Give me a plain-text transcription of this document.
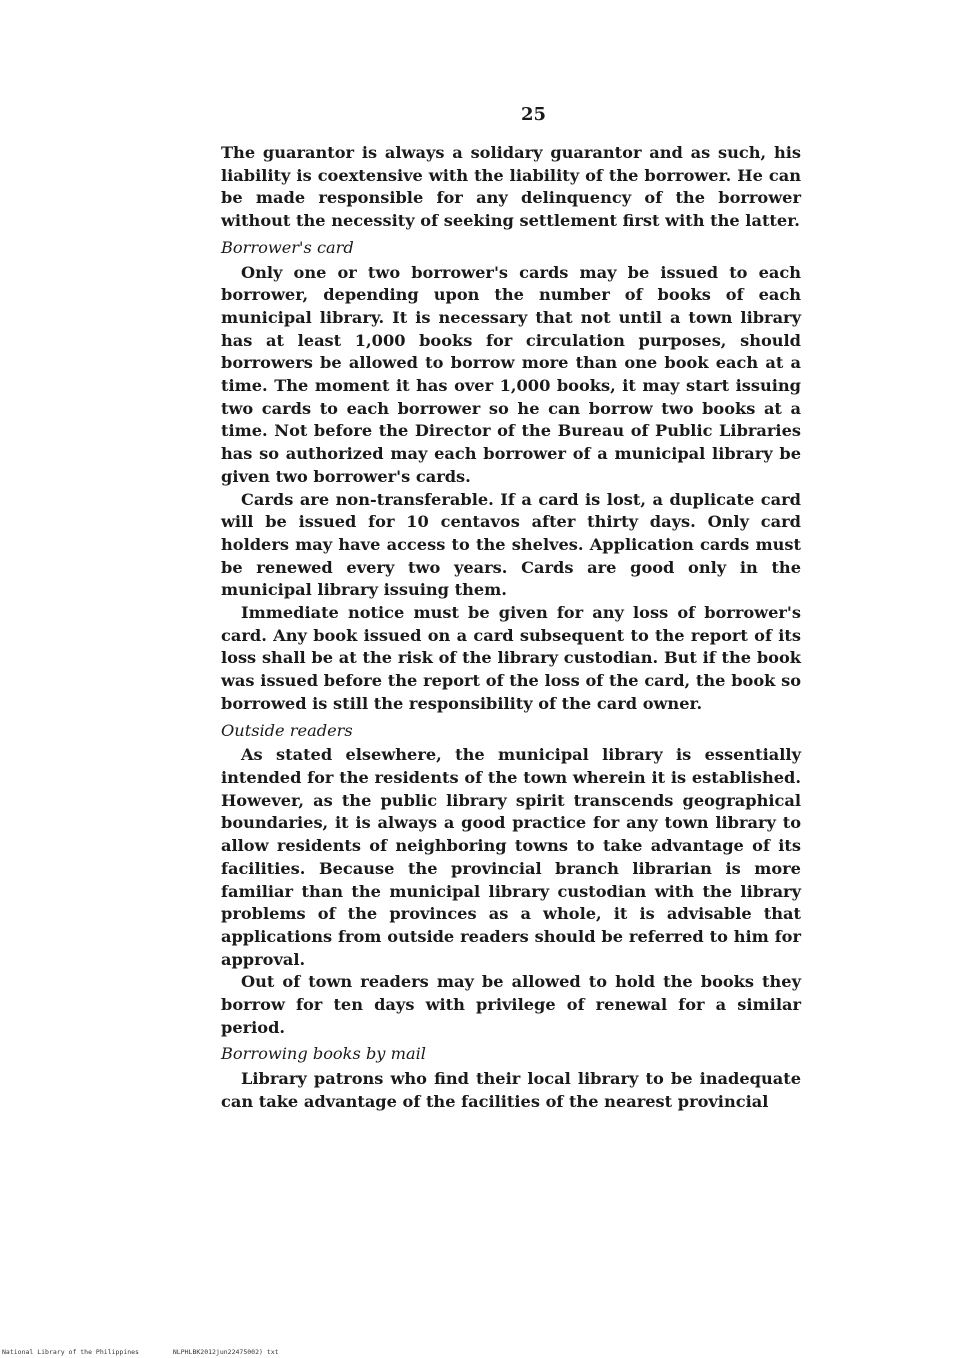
25

The guarantor is always a solidary guarantor and as such, his liability is coextensive with the liability of the borrower. He can be made responsible for any delinquency of the borrower without the necessity of seeking settlement first with the latter.

Borrower's card

Only one or two borrower's cards may be issued to each borrower, depending upon the number of books of each municipal library. It is necessary that not until a town library has at least 1,000 books for circulation purposes, should borrowers be allowed to borrow more than one book each at a time. The moment it has over 1,000 books, it may start issuing two cards to each borrower so he can borrow two books at a time. Not before the Director of the Bureau of Public Libraries has so authorized may each borrower of a municipal library be given two borrower's cards.

Cards are non-transferable. If a card is lost, a duplicate card will be issued for 10 centavos after thirty days. Only card holders may have access to the shelves. Application cards must be renewed every two years. Cards are good only in the municipal library issuing them.

Immediate notice must be given for any loss of borrower's card. Any book issued on a card subsequent to the report of its loss shall be at the risk of the library custodian. But if the book was issued before the report of the loss of the card, the book so borrowed is still the responsibility of the card owner.

Outside readers

As stated elsewhere, the municipal library is essentially intended for the residents of the town wherein it is established. However, as the public library spirit transcends geographical boundaries, it is always a good practice for any town library to allow residents of neighboring towns to take advantage of its facilities. Because the provincial branch librarian is more familiar than the municipal library custodian with the library problems of the provinces as a whole, it is advisable that applications from outside readers should be referred to him for approval.

Out of town readers may be allowed to hold the books they borrow for ten days with privilege of renewal for a similar period.

Borrowing books by mail

Library patrons who find their local library to be inadequate can take advantage of the facilities of the nearest provincial

National Library of the Philippines	NLPHLBK2012jun22475002) txt
